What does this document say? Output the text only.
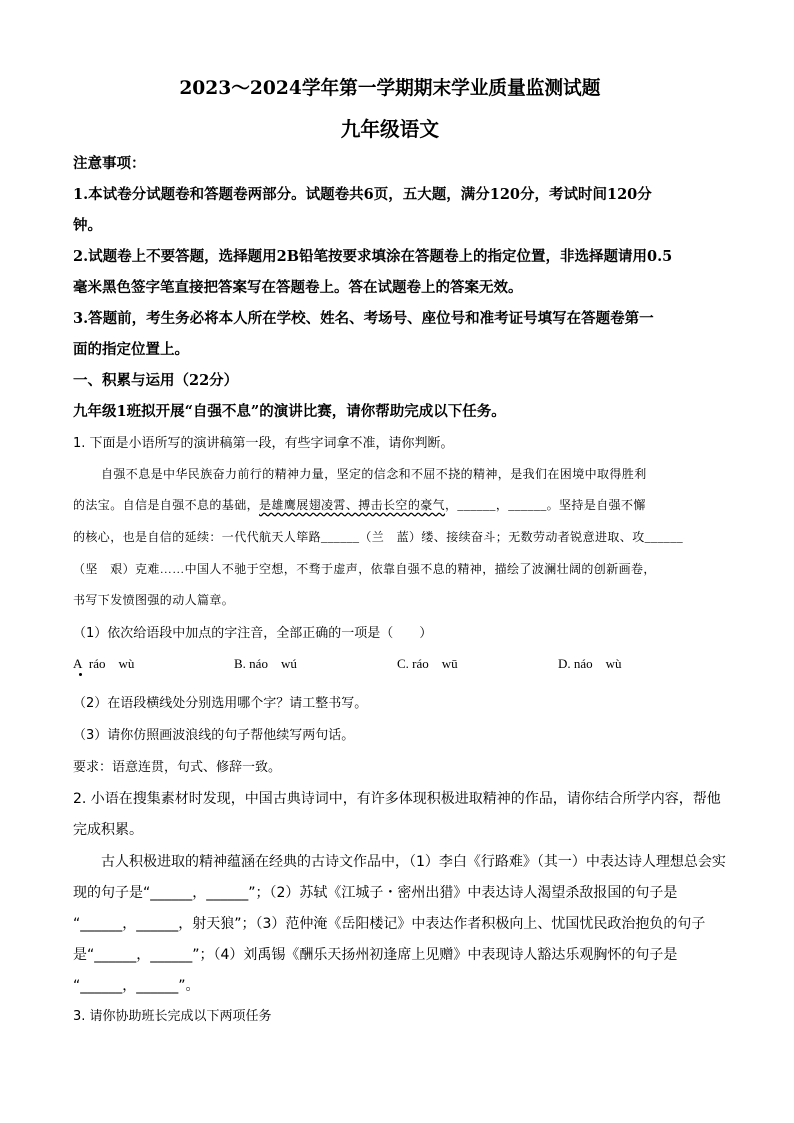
2023～2024学年第一学期期末学业质量监测试题
九年级语文
注意事项：
1.本试卷分试题卷和答题卷两部分。试题卷共6页，五大题，满分120分，考试时间120分
钟。
2.试题卷上不要答题，选择题用2B铅笔按要求填涂在答题卷上的指定位置，非选择题请用0.5
毫米黑色签字笔直接把答案写在答题卷上。答在试题卷上的答案无效。
3.答题前，考生务必将本人所在学校、姓名、考场号、座位号和准考证号填写在答题卷第一
面的指定位置上。
一、积累与运用（22分）
九年级1班拟开展“自强不息”的演讲比赛，请你帮助完成以下任务。
1. 下面是小语所写的演讲稿第一段，有些字词拿不准，请你判断。
自强不息是中华民族奋力前行的精神力量，坚定的信念和不屈不挠的精神，是我们在困境中取得胜利
的法宝。自信是自强不息的基础，是雄鹰展翅凌霄、搏击长空的豪气，______，______。坚持是自强不懈
的核心，也是自信的延续：一代代航天人筚路______（兰　蓝）缕、接续奋斗；无数劳动者锐意进取、攻______
（坚　艰）克难……中国人不驰于空想，不骛于虚声，依靠自强不息的精神，描绘了波澜壮阔的创新画卷，
书写下发愤图强的动人篇章。
（1）依次给语段中加点的字注音，全部正确的一项是（　　）
A ráo　wù	B. náo　wú	C. ráo　wū	D. náo　wù
（2）在语段横线处分别选用哪个字？请工整书写。
（3）请你仿照画波浪线的句子帮他续写两句话。
要求：语意连贯，句式、修辞一致。
2. 小语在搜集素材时发现，中国古典诗词中，有许多体现积极进取精神的作品，请你结合所学内容，帮他
完成积累。
古人积极进取的精神蕴涵在经典的古诗文作品中，（1）李白《行路难》（其一）中表达诗人理想总会实
现的句子是“______，______”；（2）苏轼《江城子・密州出猎》中表达诗人渴望杀敌报国的句子是
“______，______，射天狼”；（3）范仲淹《岳阳楼记》中表达作者积极向上、忧国忧民政治抱负的句子
是“______，______”；（4）刘禹锡《酬乐天扬州初逢席上见赠》中表现诗人豁达乐观胸怀的句子是
“______，______”。
3. 请你协助班长完成以下两项任务
